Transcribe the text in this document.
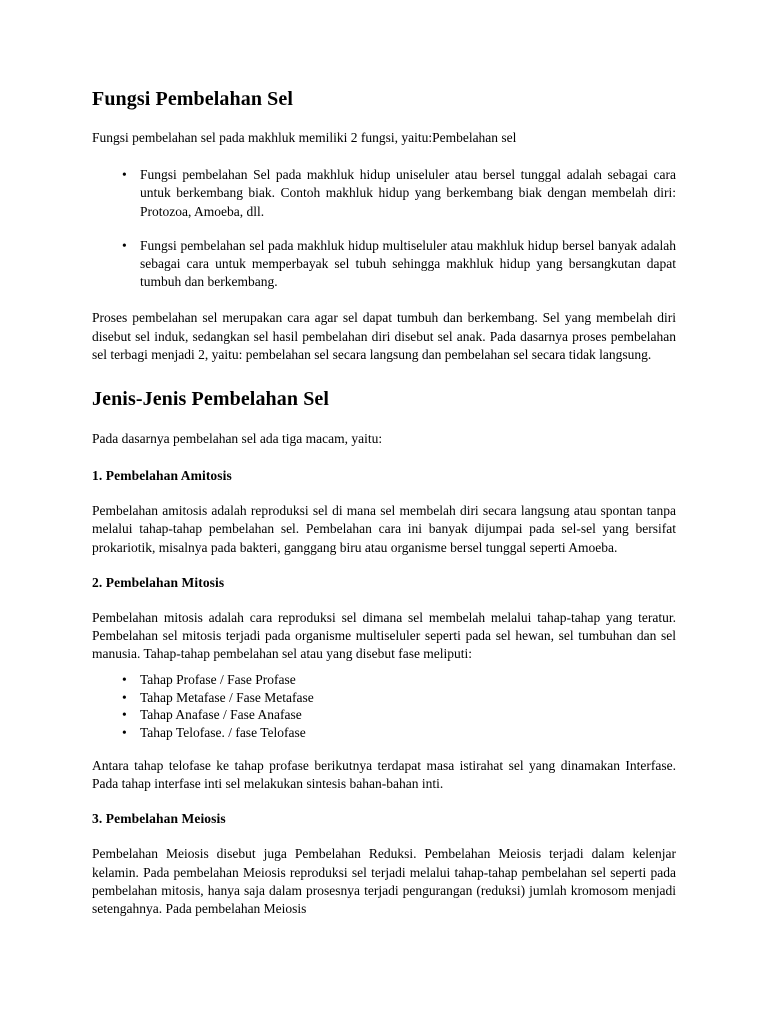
Fungsi Pembelahan Sel

Fungsi pembelahan sel pada makhluk memiliki 2 fungsi, yaitu:Pembelahan sel

• Fungsi pembelahan Sel pada makhluk hidup uniseluler atau bersel tunggal adalah sebagai cara untuk berkembang biak. Contoh makhluk hidup yang berkembang biak dengan membelah diri: Protozoa, Amoeba, dll.
• Fungsi pembelahan sel pada makhluk hidup multiseluler atau makhluk hidup bersel banyak adalah sebagai cara untuk memperbayak sel tubuh sehingga makhluk hidup yang bersangkutan dapat tumbuh dan berkembang.

Proses pembelahan sel merupakan cara agar sel dapat tumbuh dan berkembang. Sel yang membelah diri disebut sel induk, sedangkan sel hasil pembelahan diri disebut sel anak. Pada dasarnya proses pembelahan sel terbagi menjadi 2, yaitu: pembelahan sel secara langsung dan pembelahan sel secara tidak langsung.

Jenis-Jenis Pembelahan Sel

Pada dasarnya pembelahan sel ada tiga macam, yaitu:

1. Pembelahan Amitosis

Pembelahan amitosis adalah reproduksi sel di mana sel membelah diri secara langsung atau spontan tanpa melalui tahap-tahap pembelahan sel. Pembelahan cara ini banyak dijumpai pada sel-sel yang bersifat prokariotik, misalnya pada bakteri, ganggang biru atau organisme bersel tunggal seperti Amoeba.

2. Pembelahan Mitosis

Pembelahan mitosis adalah cara reproduksi sel dimana sel membelah melalui tahap-tahap yang teratur. Pembelahan sel mitosis terjadi pada organisme multiseluler seperti pada sel hewan, sel tumbuhan dan sel manusia. Tahap-tahap pembelahan sel atau yang disebut fase meliputi:

• Tahap Profase / Fase Profase
• Tahap Metafase / Fase Metafase
• Tahap Anafase / Fase Anafase
• Tahap Telofase. / fase Telofase

Antara tahap telofase ke tahap profase berikutnya terdapat masa istirahat sel yang dinamakan Interfase. Pada tahap interfase inti sel melakukan sintesis bahan-bahan inti.

3. Pembelahan Meiosis

Pembelahan Meiosis disebut juga Pembelahan Reduksi. Pembelahan Meiosis terjadi dalam kelenjar kelamin. Pada pembelahan Meiosis reproduksi sel terjadi melalui tahap-tahap pembelahan sel seperti pada pembelahan mitosis, hanya saja dalam prosesnya terjadi pengurangan (reduksi) jumlah kromosom menjadi setengahnya. Pada pembelahan Meiosis
